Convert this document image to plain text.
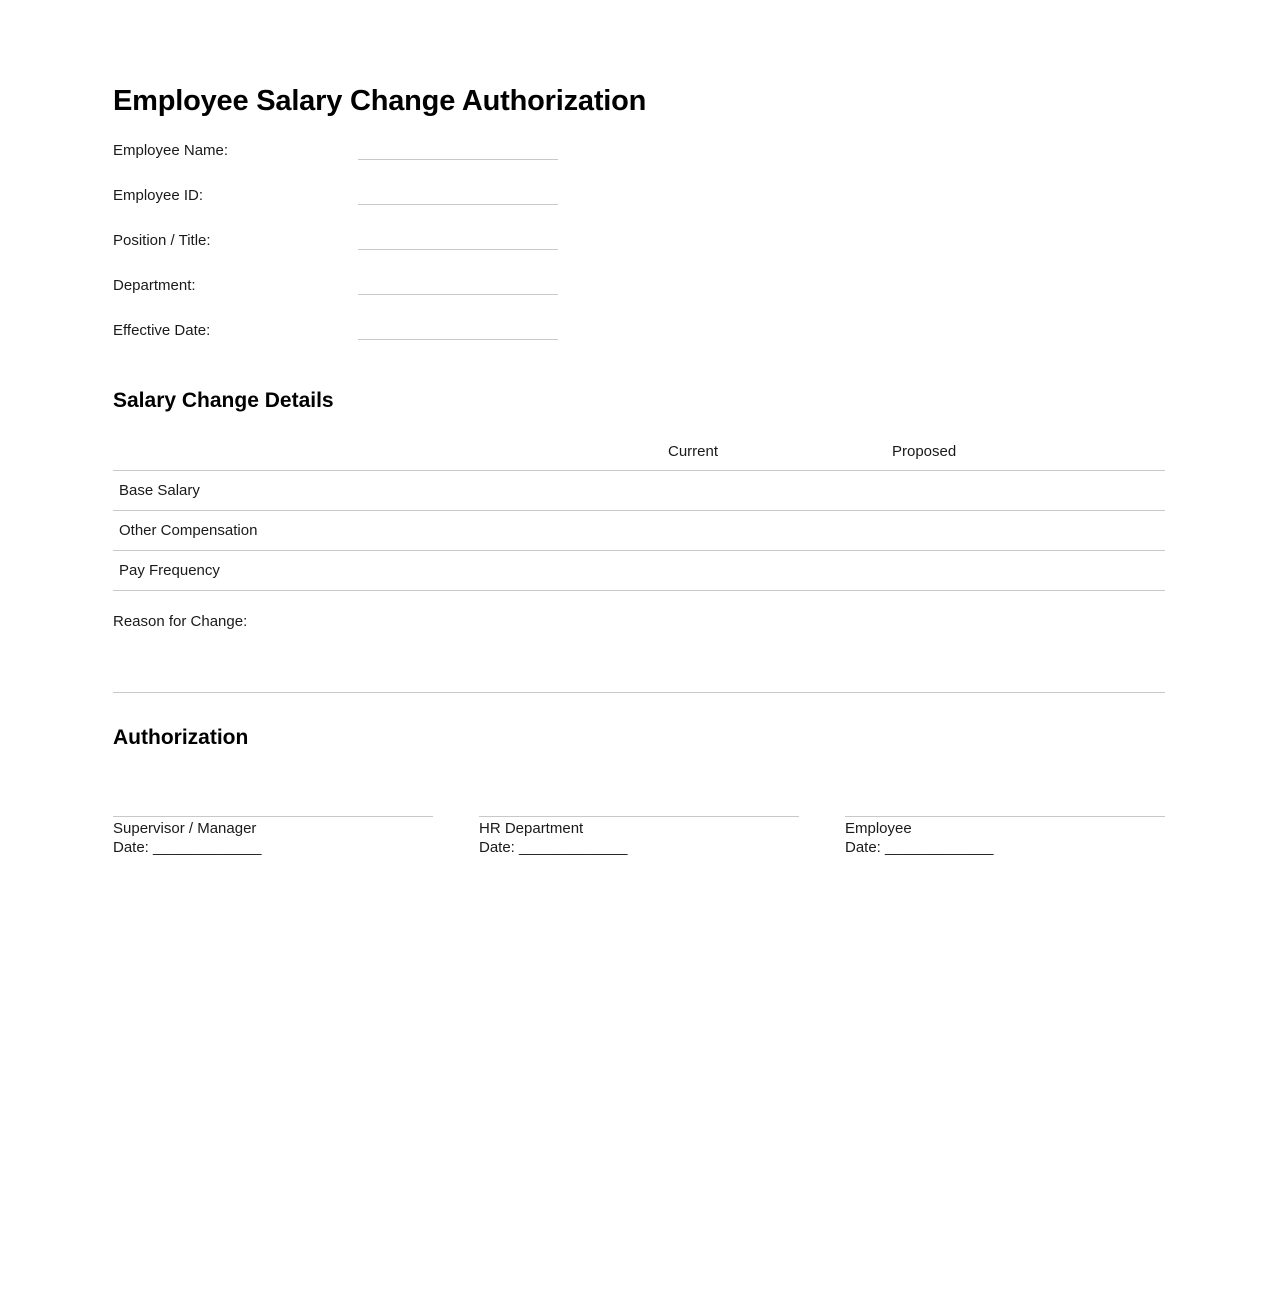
Employee Salary Change Authorization
Employee Name:
Employee ID:
Position / Title:
Department:
Effective Date:
Salary Change Details
	Current	Proposed
Base Salary		
Other Compensation		
Pay Frequency		
Reason for Change:
Authorization
Supervisor / Manager
Date: _____________
HR Department
Date: _____________
Employee
Date: _____________
